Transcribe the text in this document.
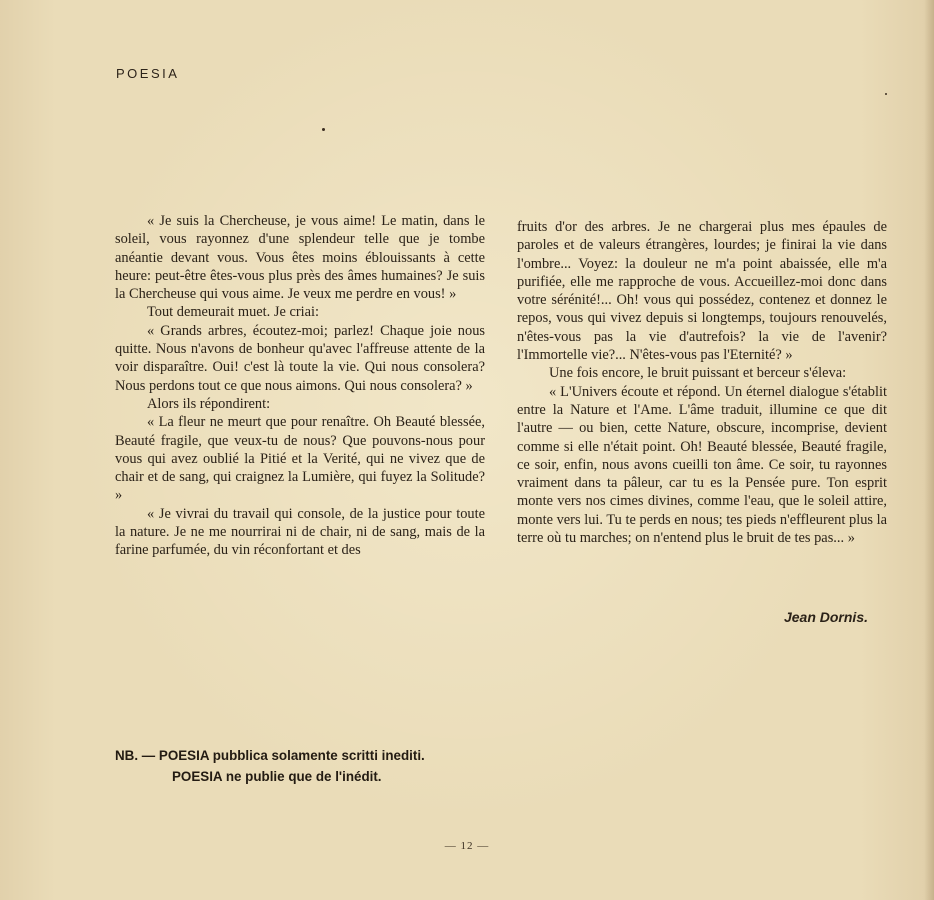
POESIA

« Je suis la Chercheuse, je vous aime! Le matin, dans le soleil, vous rayonnez d'une splendeur telle que je tombe anéantie devant vous. Vous êtes moins éblouissants à cette heure: peut-être êtes-vous plus près des âmes humaines? Je suis la Chercheuse qui vous aime. Je veux me perdre en vous! »

Tout demeurait muet. Je criai:

« Grands arbres, écoutez-moi; parlez! Chaque joie nous quitte. Nous n'avons de bonheur qu'avec l'affreuse attente de la voir disparaître. Oui! c'est là toute la vie. Qui nous consolera? Nous perdons tout ce que nous aimons. Qui nous consolera? »

Alors ils répondirent:

« La fleur ne meurt que pour renaître. Oh Beauté blessée, Beauté fragile, que veux-tu de nous? Que pouvons-nous pour vous qui avez oublié la Pitié et la Verité, qui ne vivez que de chair et de sang, qui craignez la Lumière, qui fuyez la Solitude? »

« Je vivrai du travail qui console, de la justice pour toute la nature. Je ne me nourrirai ni de chair, ni de sang, mais de la farine parfumée, du vin réconfortant et des

fruits d'or des arbres. Je ne chargerai plus mes épaules de paroles et de valeurs étrangères, lourdes; je finirai la vie dans l'ombre... Voyez: la douleur ne m'a point abaissée, elle m'a purifiée, elle me rapproche de vous. Accueillez-moi donc dans votre sérénité!... Oh! vous qui possédez, contenez et donnez le repos, vous qui vivez depuis si longtemps, toujours renouvelés, n'êtes-vous pas la vie d'autrefois? la vie de l'avenir? l'Immortelle vie?... N'êtes-vous pas l'Eternité? »

Une fois encore, le bruit puissant et berceur s'éleva:

« L'Univers écoute et répond. Un éternel dialogue s'établit entre la Nature et l'Ame. L'âme traduit, illumine ce que dit l'autre — ou bien, cette Nature, obscure, incomprise, devient comme si elle n'était point. Oh! Beauté blessée, Beauté fragile, ce soir, enfin, nous avons cueilli ton âme. Ce soir, tu rayonnes vraiment dans ta pâleur, car tu es la Pensée pure. Ton esprit monte vers nos cimes divines, comme l'eau, que le soleil attire, monte vers lui. Tu te perds en nous; tes pieds n'effleurent plus la terre où tu marches; on n'entend plus le bruit de tes pas... »

Jean Dornis.
NB. — POESIA pubblica solamente scritti inediti.
POESIA ne publie que de l'inédit.
— 12 —
